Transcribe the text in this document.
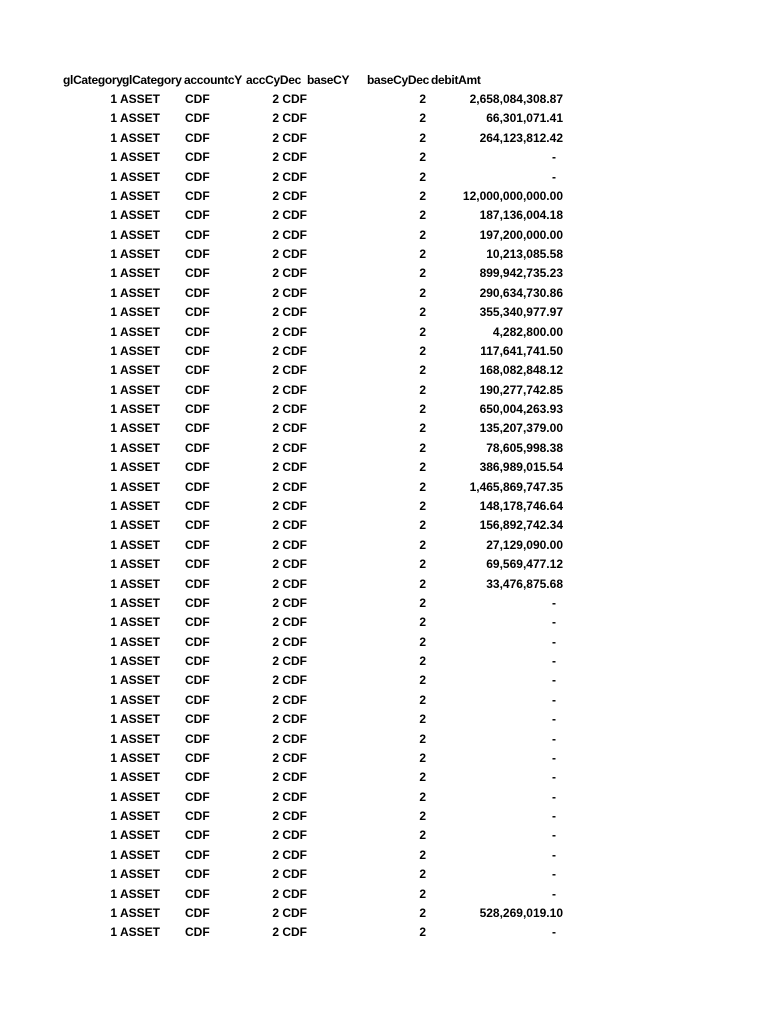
glCategory glCategory accountcY accCyDec baseCY baseCyDec debitAmt
1 ASSET CDF	2 CDF	2	2,658,084,308.87
1 ASSET CDF	2 CDF	2	66,301,071.41
1 ASSET CDF	2 CDF	2	264,123,812.42
1 ASSET CDF	2 CDF	2	-
1 ASSET CDF	2 CDF	2	-
1 ASSET CDF	2 CDF	2	12,000,000,000.00
1 ASSET CDF	2 CDF	2	187,136,004.18
1 ASSET CDF	2 CDF	2	197,200,000.00
1 ASSET CDF	2 CDF	2	10,213,085.58
1 ASSET CDF	2 CDF	2	899,942,735.23
1 ASSET CDF	2 CDF	2	290,634,730.86
1 ASSET CDF	2 CDF	2	355,340,977.97
1 ASSET CDF	2 CDF	2	4,282,800.00
1 ASSET CDF	2 CDF	2	117,641,741.50
1 ASSET CDF	2 CDF	2	168,082,848.12
1 ASSET CDF	2 CDF	2	190,277,742.85
1 ASSET CDF	2 CDF	2	650,004,263.93
1 ASSET CDF	2 CDF	2	135,207,379.00
1 ASSET CDF	2 CDF	2	78,605,998.38
1 ASSET CDF	2 CDF	2	386,989,015.54
1 ASSET CDF	2 CDF	2	1,465,869,747.35
1 ASSET CDF	2 CDF	2	148,178,746.64
1 ASSET CDF	2 CDF	2	156,892,742.34
1 ASSET CDF	2 CDF	2	27,129,090.00
1 ASSET CDF	2 CDF	2	69,569,477.12
1 ASSET CDF	2 CDF	2	33,476,875.68
1 ASSET CDF	2 CDF	2	-
1 ASSET CDF	2 CDF	2	-
1 ASSET CDF	2 CDF	2	-
1 ASSET CDF	2 CDF	2	-
1 ASSET CDF	2 CDF	2	-
1 ASSET CDF	2 CDF	2	-
1 ASSET CDF	2 CDF	2	-
1 ASSET CDF	2 CDF	2	-
1 ASSET CDF	2 CDF	2	-
1 ASSET CDF	2 CDF	2	-
1 ASSET CDF	2 CDF	2	-
1 ASSET CDF	2 CDF	2	-
1 ASSET CDF	2 CDF	2	-
1 ASSET CDF	2 CDF	2	-
1 ASSET CDF	2 CDF	2	-
1 ASSET CDF	2 CDF	2	-
1 ASSET CDF	2 CDF	2	528,269,019.10
1 ASSET CDF	2 CDF	2	-
